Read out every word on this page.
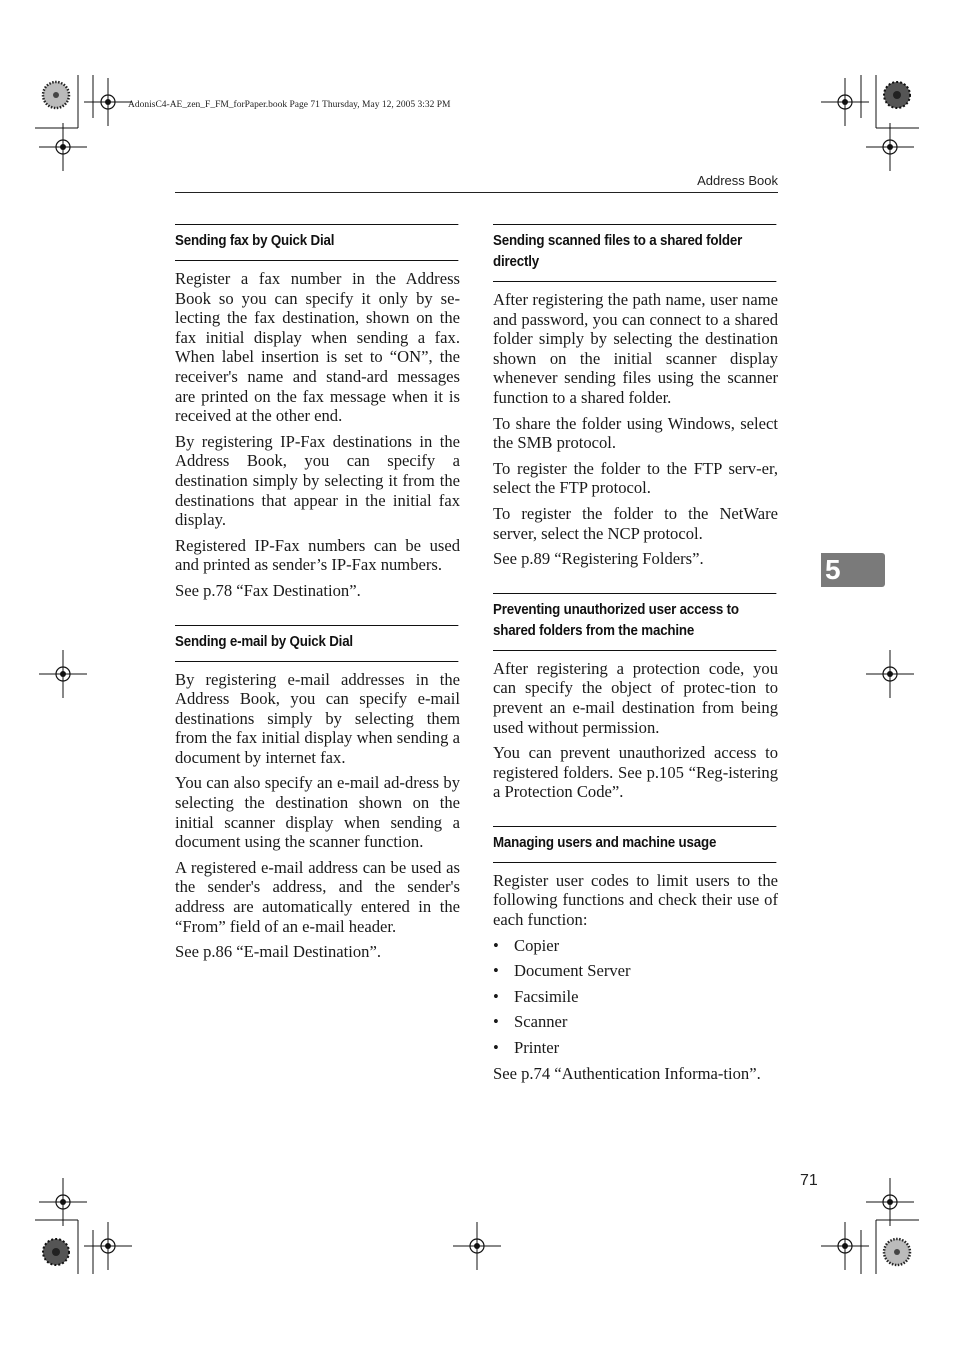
AdonisC4-AE_zen_F_FM_forPaper.book Page 71 Thursday, May 12, 2005 3:32 PM
Address Book
Sending fax by Quick Dial

Register a fax number in the Address Book so you can specify it only by se-lecting the fax destination, shown on the fax initial display when sending a fax. When label insertion is set to “ON”, the receiver's name and stand-ard messages are printed on the fax message when it is received at the other end.

By registering IP-Fax destinations in the Address Book, you can specify a destination simply by selecting it from the destinations that appear in the initial fax display.

Registered IP-Fax numbers can be used and printed as sender’s IP-Fax numbers.

See p.78 “Fax Destination”.

Sending e-mail by Quick Dial

By registering e-mail addresses in the Address Book, you can specify e-mail destinations simply by selecting them from the fax initial display when sending a document by internet fax.

You can also specify an e-mail ad-dress by selecting the destination shown on the initial scanner display when sending a document using the scanner function.

A registered e-mail address can be used as the sender's address, and the sender's address are automatically entered in the “From” field of an e-mail header.

See p.86 “E-mail Destination”.

Sending scanned files to a shared folder directly

After registering the path name, user name and password, you can connect to a shared folder simply by selecting the destination shown on the initial scanner display whenever sending files using the scanner function to a shared folder.

To share the folder using Windows, select the SMB protocol.

To register the folder to the FTP serv-er, select the FTP protocol.

To register the folder to the NetWare server, select the NCP protocol.

See p.89 “Registering Folders”.

Preventing unauthorized user access to shared folders from the machine

After registering a protection code, you can specify the object of protec-tion to prevent an e-mail destination from being used without permission.

You can prevent unauthorized access to registered folders. See p.105 “Reg-istering a Protection Code”.

Managing users and machine usage

Register user codes to limit users to the following functions and check their use of each function:

• Copier
• Document Server
• Facsimile
• Scanner
• Printer

See p.74 “Authentication Informa-tion”.

5
71
